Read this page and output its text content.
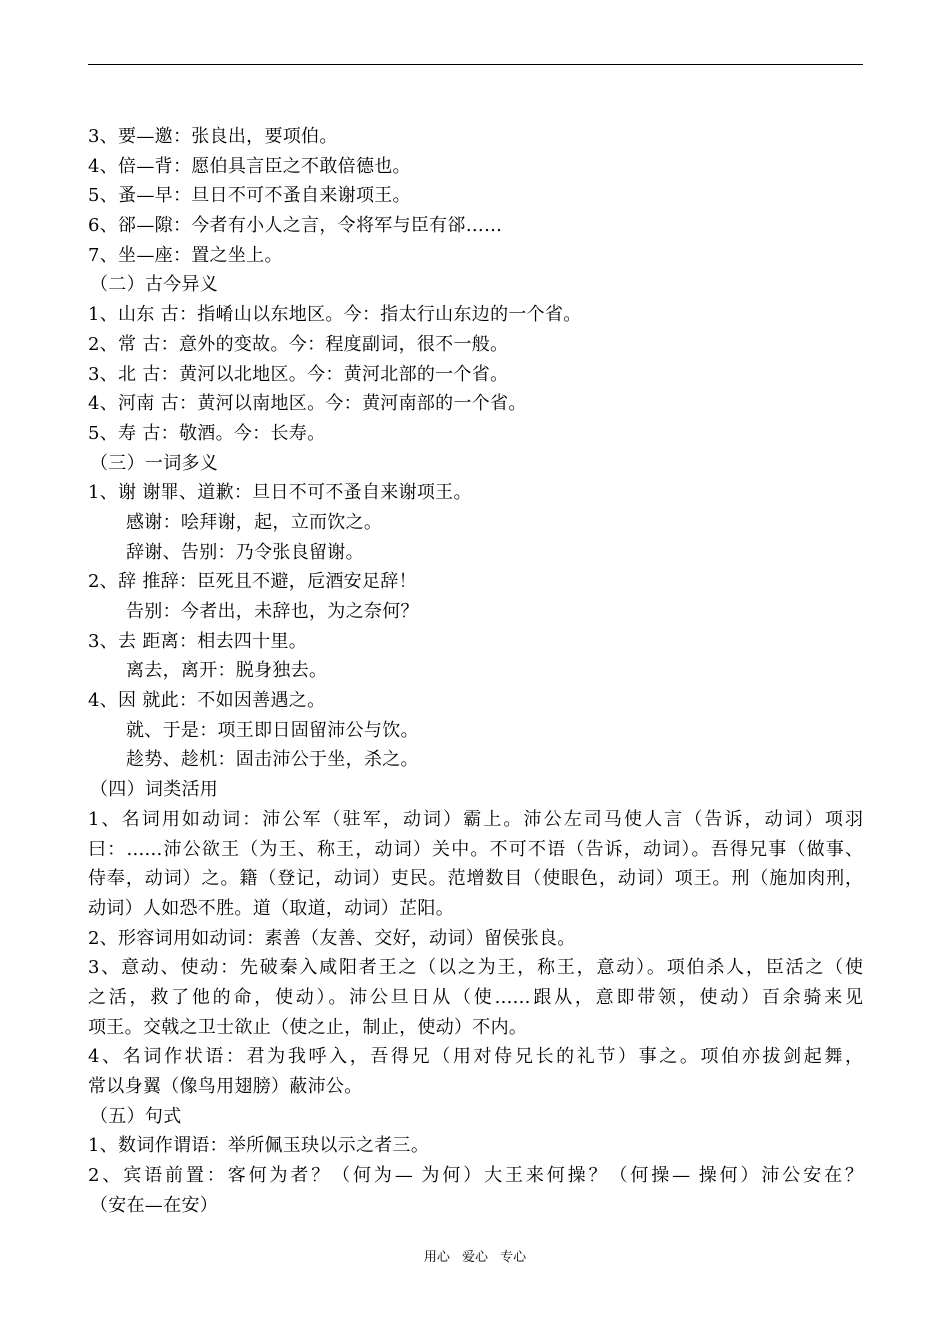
3、要—邀：张良出，要项伯。
4、倍—背：愿伯具言臣之不敢倍德也。
5、蚤—早：旦日不可不蚤自来谢项王。
6、郤—隙：今者有小人之言，令将军与臣有郤……
7、坐—座：置之坐上。
（二）古今异义
1、山东 古：指崤山以东地区。今：指太行山东边的一个省。
2、常 古：意外的变故。今：程度副词，很不一般。
3、北 古：黄河以北地区。今：黄河北部的一个省。
4、河南 古：黄河以南地区。今：黄河南部的一个省。
5、寿 古：敬酒。今：长寿。
（三）一词多义
1、谢 谢罪、道歉：旦日不可不蚤自来谢项王。
感谢：哙拜谢，起，立而饮之。
辞谢、告别：乃令张良留谢。
2、辞 推辞：臣死且不避，卮酒安足辞！
告别：今者出，未辞也，为之奈何？
3、去 距离：相去四十里。
离去，离开：脱身独去。
4、因 就此：不如因善遇之。
就、于是：项王即日固留沛公与饮。
趁势、趁机：固击沛公于坐，杀之。
（四）词类活用
1、名词用如动词：沛公军（驻军，动词）霸上。沛公左司马使人言（告诉，动词）项羽
曰：……沛公欲王（为王、称王，动词）关中。不可不语（告诉，动词）。吾得兄事（做事、
侍奉，动词）之。籍（登记，动词）吏民。范增数目（使眼色，动词）项王。刑（施加肉刑，
动词）人如恐不胜。道（取道，动词）芷阳。
2、形容词用如动词：素善（友善、交好，动词）留侯张良。
3、意动、使动：先破秦入咸阳者王之（以之为王，称王，意动）。项伯杀人，臣活之（使
之活，救了他的命，使动）。沛公旦日从（使……跟从，意即带领，使动）百余骑来见
项王。交戟之卫士欲止（使之止，制止，使动）不内。
4、名词作状语：君为我呼入，吾得兄（用对侍兄长的礼节）事之。项伯亦拔剑起舞，
常以身翼（像鸟用翅膀）蔽沛公。
（五）句式
1、数词作谓语：举所佩玉玦以示之者三。
2、宾语前置：客何为者？（何为— 为何）大王来何操？（何操— 操何）沛公安在？
（安在—在安）
用心 爱心 专心
